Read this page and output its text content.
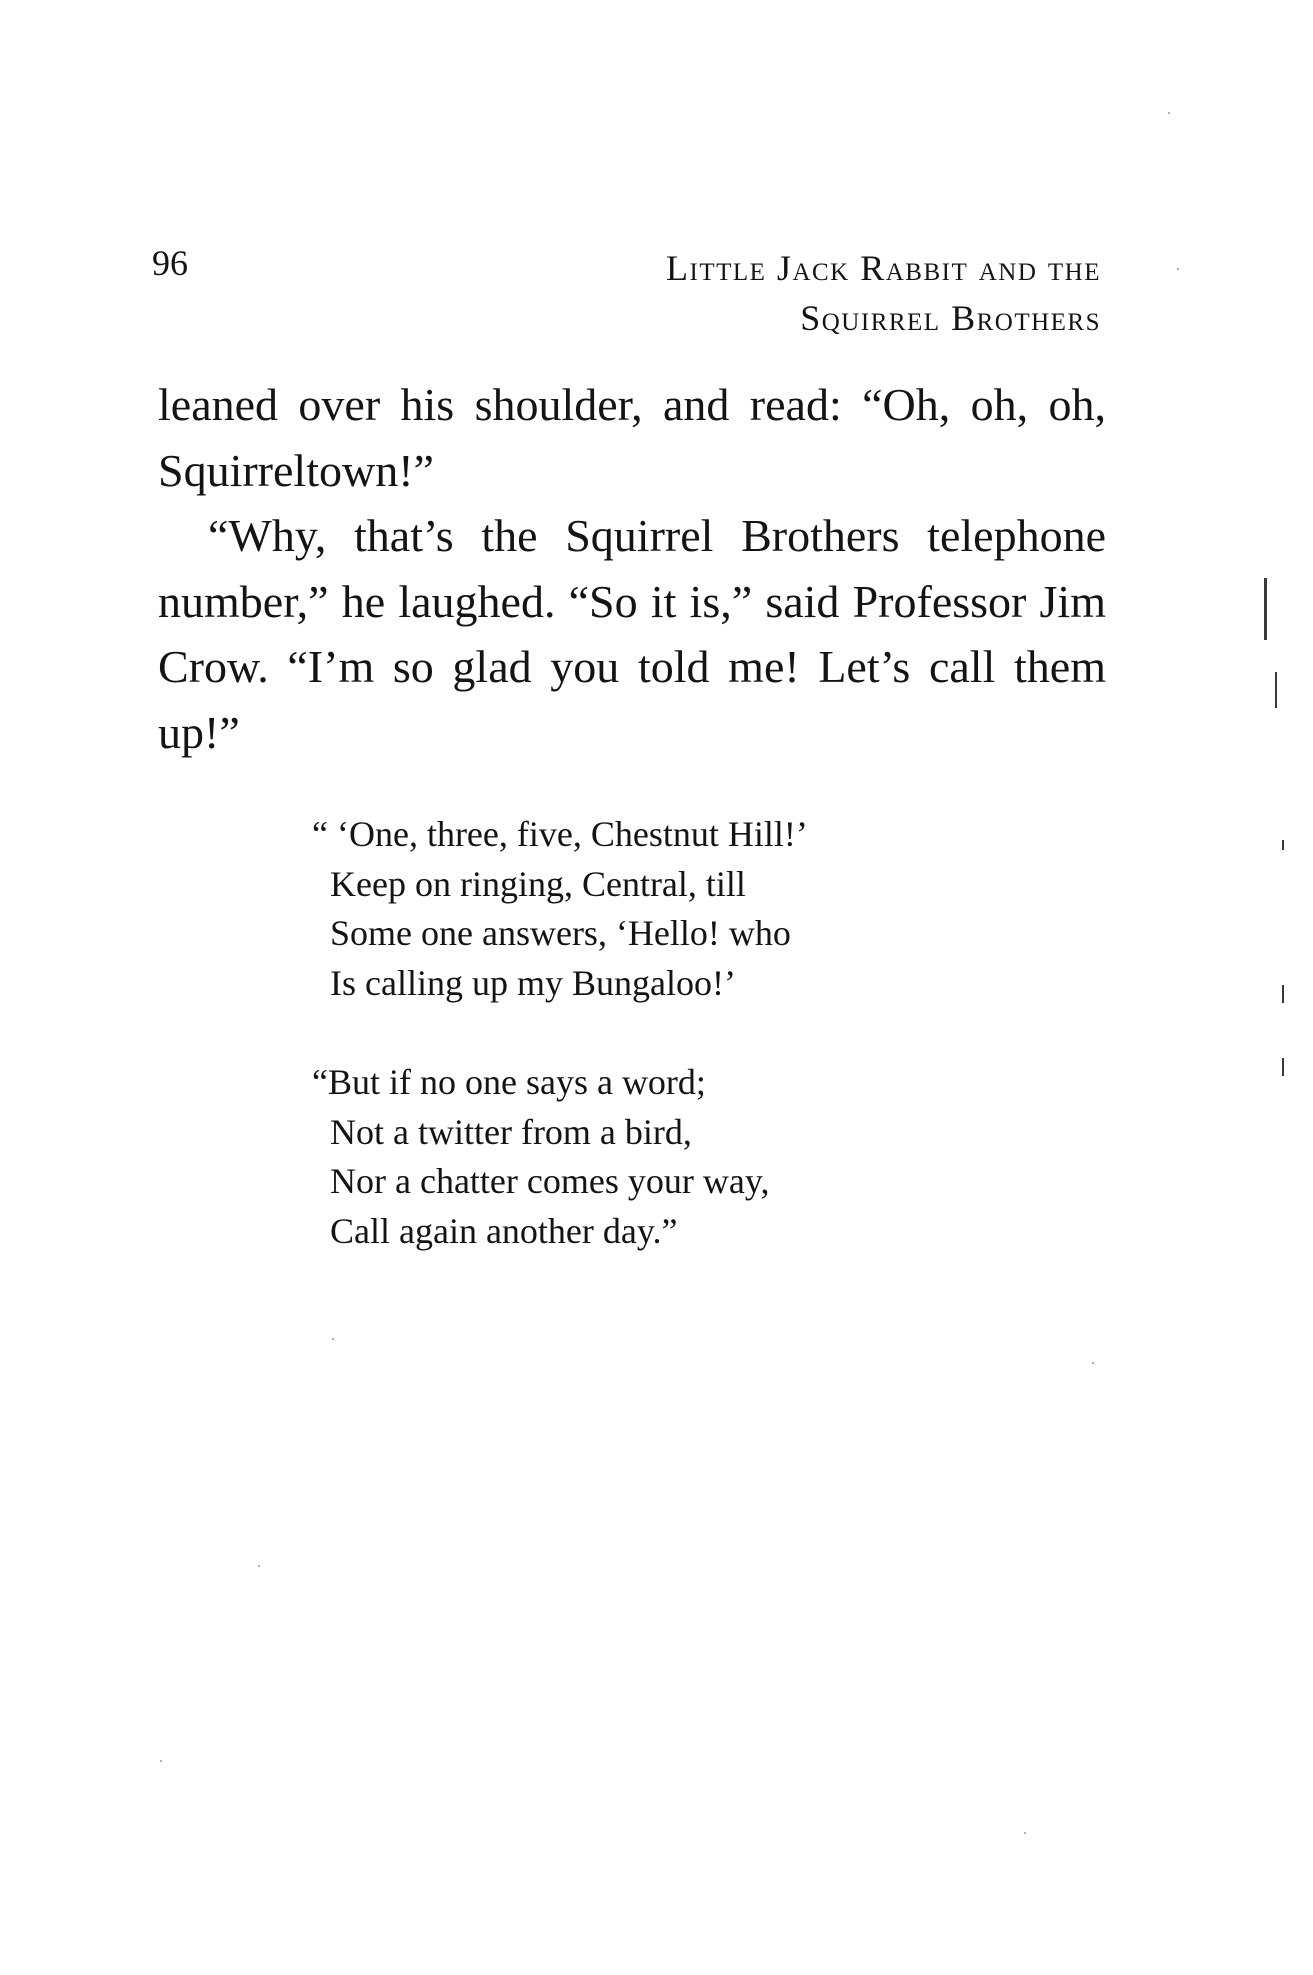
96	Little Jack Rabbit and the
Squirrel Brothers

leaned over his shoulder, and read: “Oh, oh, oh, Squirreltown!”

“Why, that’s the Squirrel Brothers telephone number,” he laughed. “So it is,” said Professor Jim Crow. “I’m so glad you told me! Let’s call them up!”

“ ‘One, three, five, Chestnut Hill!’
Keep on ringing, Central, till
Some one answers, ‘Hello! who
Is calling up my Bungaloo!’
“But if no one says a word;
Not a twitter from a bird,
Nor a chatter comes your way,
Call again another day.”
